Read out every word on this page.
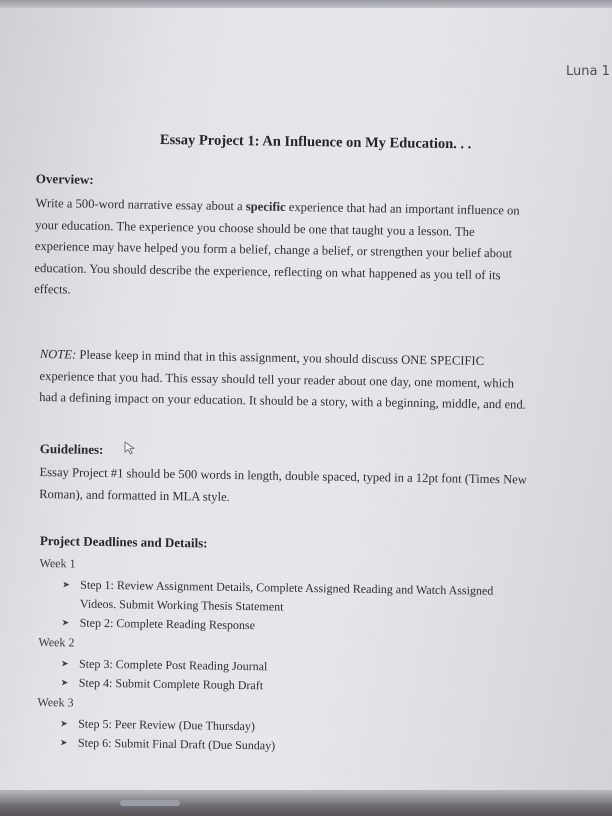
Luna 1
Essay Project 1: An Influence on My Education. . .
Overview:
Write a 500-word narrative essay about a specific experience that had an important influence on
your education. The experience you choose should be one that taught you a lesson. The
experience may have helped you form a belief, change a belief, or strengthen your belief about
education. You should describe the experience, reflecting on what happened as you tell of its
effects.
NOTE: Please keep in mind that in this assignment, you should discuss ONE SPECIFIC
experience that you had. This essay should tell your reader about one day, one moment, which
had a defining impact on your education. It should be a story, with a beginning, middle, and end.
Guidelines:
Essay Project #1 should be 500 words in length, double spaced, typed in a 12pt font (Times New
Roman), and formatted in MLA style.
Project Deadlines and Details:
Week 1
➤ Step 1: Review Assignment Details, Complete Assigned Reading and Watch Assigned
Videos. Submit Working Thesis Statement
➤ Step 2: Complete Reading Response
Week 2
➤ Step 3: Complete Post Reading Journal
➤ Step 4: Submit Complete Rough Draft
Week 3
➤ Step 5: Peer Review (Due Thursday)
➤ Step 6: Submit Final Draft (Due Sunday)
